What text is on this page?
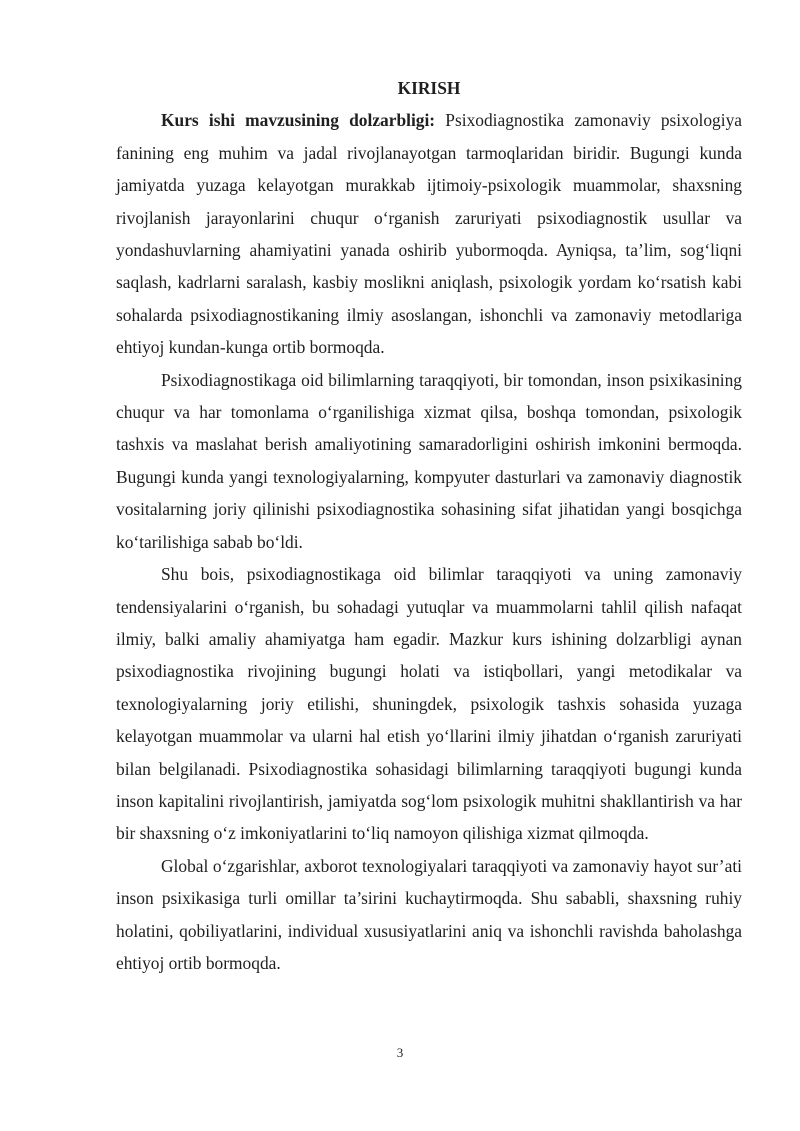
KIRISH

Kurs ishi mavzusining dolzarbligi: Psixodiagnostika zamonaviy psixologiya fanining eng muhim va jadal rivojlanayotgan tarmoqlaridan biridir. Bugungi kunda jamiyatda yuzaga kelayotgan murakkab ijtimoiy-psixologik muammolar, shaxsning rivojlanish jarayonlarini chuqur o‘rganish zaruriyati psixodiagnostik usullar va yondashuvlarning ahamiyatini yanada oshirib yubormoqda. Ayniqsa, ta’lim, sog‘liqni saqlash, kadrlarni saralash, kasbiy moslikni aniqlash, psixologik yordam ko‘rsatish kabi sohalarda psixodiagnostikaning ilmiy asoslangan, ishonchli va zamonaviy metodlariga ehtiyoj kundan-kunga ortib bormoqda.

Psixodiagnostikaga oid bilimlarning taraqqiyoti, bir tomondan, inson psixikasining chuqur va har tomonlama o‘rganilishiga xizmat qilsa, boshqa tomondan, psixologik tashxis va maslahat berish amaliyotining samaradorligini oshirish imkonini bermoqda. Bugungi kunda yangi texnologiyalarning, kompyuter dasturlari va zamonaviy diagnostik vositalarning joriy qilinishi psixodiagnostika sohasining sifat jihatidan yangi bosqichga ko‘tarilishiga sabab bo‘ldi.

Shu bois, psixodiagnostikaga oid bilimlar taraqqiyoti va uning zamonaviy tendensiyalarini o‘rganish, bu sohadagi yutuqlar va muammolarni tahlil qilish nafaqat ilmiy, balki amaliy ahamiyatga ham egadir. Mazkur kurs ishining dolzarbligi aynan psixodiagnostika rivojining bugungi holati va istiqbollari, yangi metodikalar va texnologiyalarning joriy etilishi, shuningdek, psixologik tashxis sohasida yuzaga kelayotgan muammolar va ularni hal etish yo‘llarini ilmiy jihatdan o‘rganish zaruriyati bilan belgilanadi. Psixodiagnostika sohasidagi bilimlarning taraqqiyoti bugungi kunda inson kapitalini rivojlantirish, jamiyatda sog‘lom psixologik muhitni shakllantirish va har bir shaxsning o‘z imkoniyatlarini to‘liq namoyon qilishiga xizmat qilmoqda.

Global o‘zgarishlar, axborot texnologiyalari taraqqiyoti va zamonaviy hayot sur’ati inson psixikasiga turli omillar ta’sirini kuchaytirmoqda. Shu sababli, shaxsning ruhiy holatini, qobiliyatlarini, individual xususiyatlarini aniq va ishonchli ravishda baholashga ehtiyoj ortib bormoqda.

3
